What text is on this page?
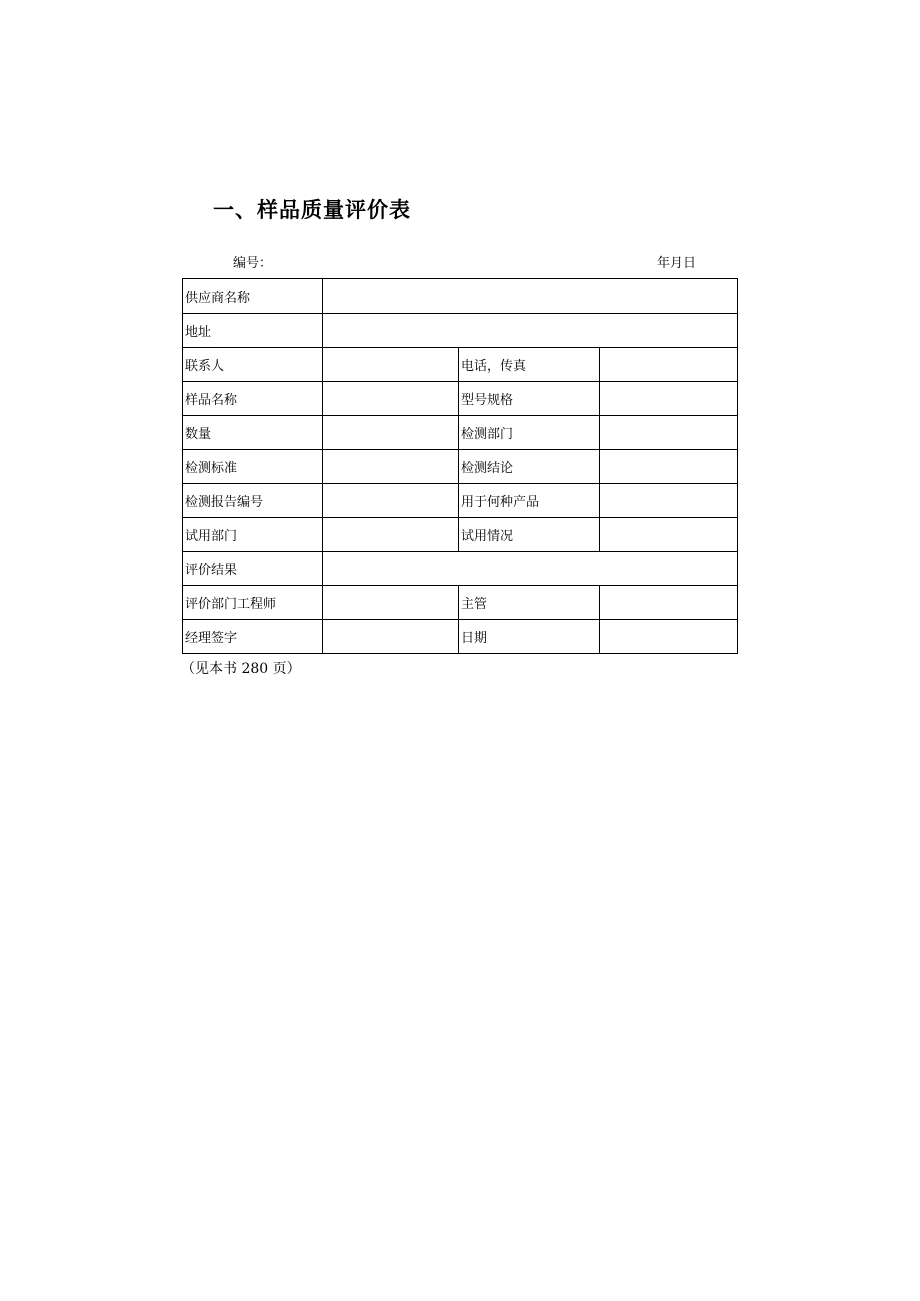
一、样品质量评价表
编号：	年月日
供应商名称			
地址			
联系人		电话，传真	
样品名称		型号规格	
数量		检测部门	
检测标准		检测结论	
检测报告编号		用于何种产品	
试用部门		试用情况	
评价结果			
评价部门工程师		主管	
经理签字		日期	
（见本书 280 页）
